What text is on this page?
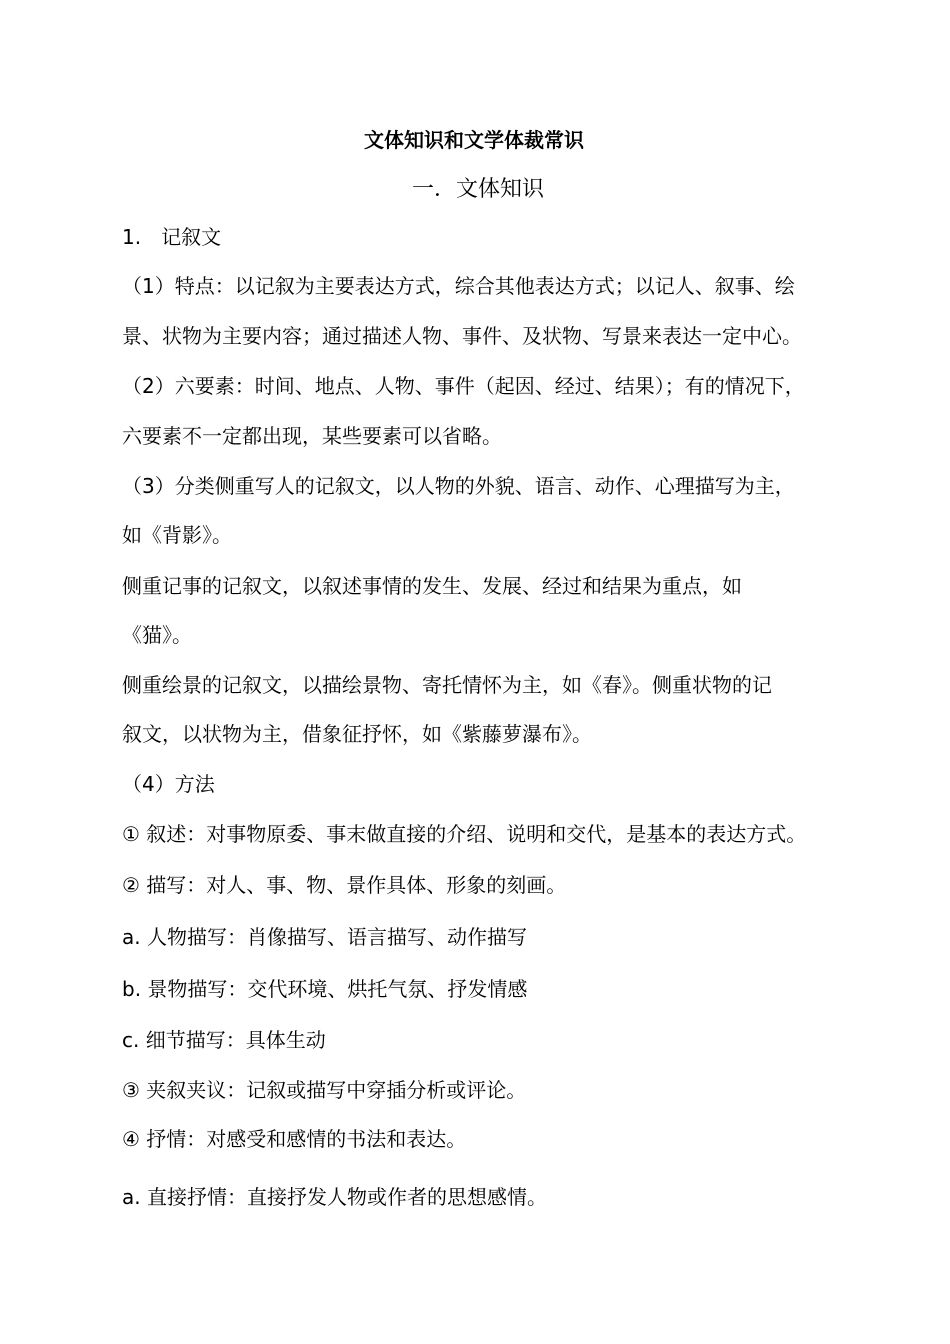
文体知识和文学体裁常识
一．文体知识
1.　记叙文
（1）特点：以记叙为主要表达方式，综合其他表达方式；以记人、叙事、绘
景、状物为主要内容；通过描述人物、事件、及状物、写景来表达一定中心。
（2）六要素：时间、地点、人物、事件（起因、经过、结果）；有的情况下，
六要素不一定都出现，某些要素可以省略。
（3）分类侧重写人的记叙文，以人物的外貌、语言、动作、心理描写为主，
如《背影》。
侧重记事的记叙文，以叙述事情的发生、发展、经过和结果为重点，如
《猫》。
侧重绘景的记叙文，以描绘景物、寄托情怀为主，如《春》。侧重状物的记
叙文，以状物为主，借象征抒怀，如《紫藤萝瀑布》。
（4）方法
① 叙述：对事物原委、事末做直接的介绍、说明和交代，是基本的表达方式。
② 描写：对人、事、物、景作具体、形象的刻画。
a. 人物描写：肖像描写、语言描写、动作描写
b. 景物描写：交代环境、烘托气氛、抒发情感
c. 细节描写：具体生动
③ 夹叙夹议：记叙或描写中穿插分析或评论。
④ 抒情：对感受和感情的书法和表达。
a. 直接抒情：直接抒发人物或作者的思想感情。
